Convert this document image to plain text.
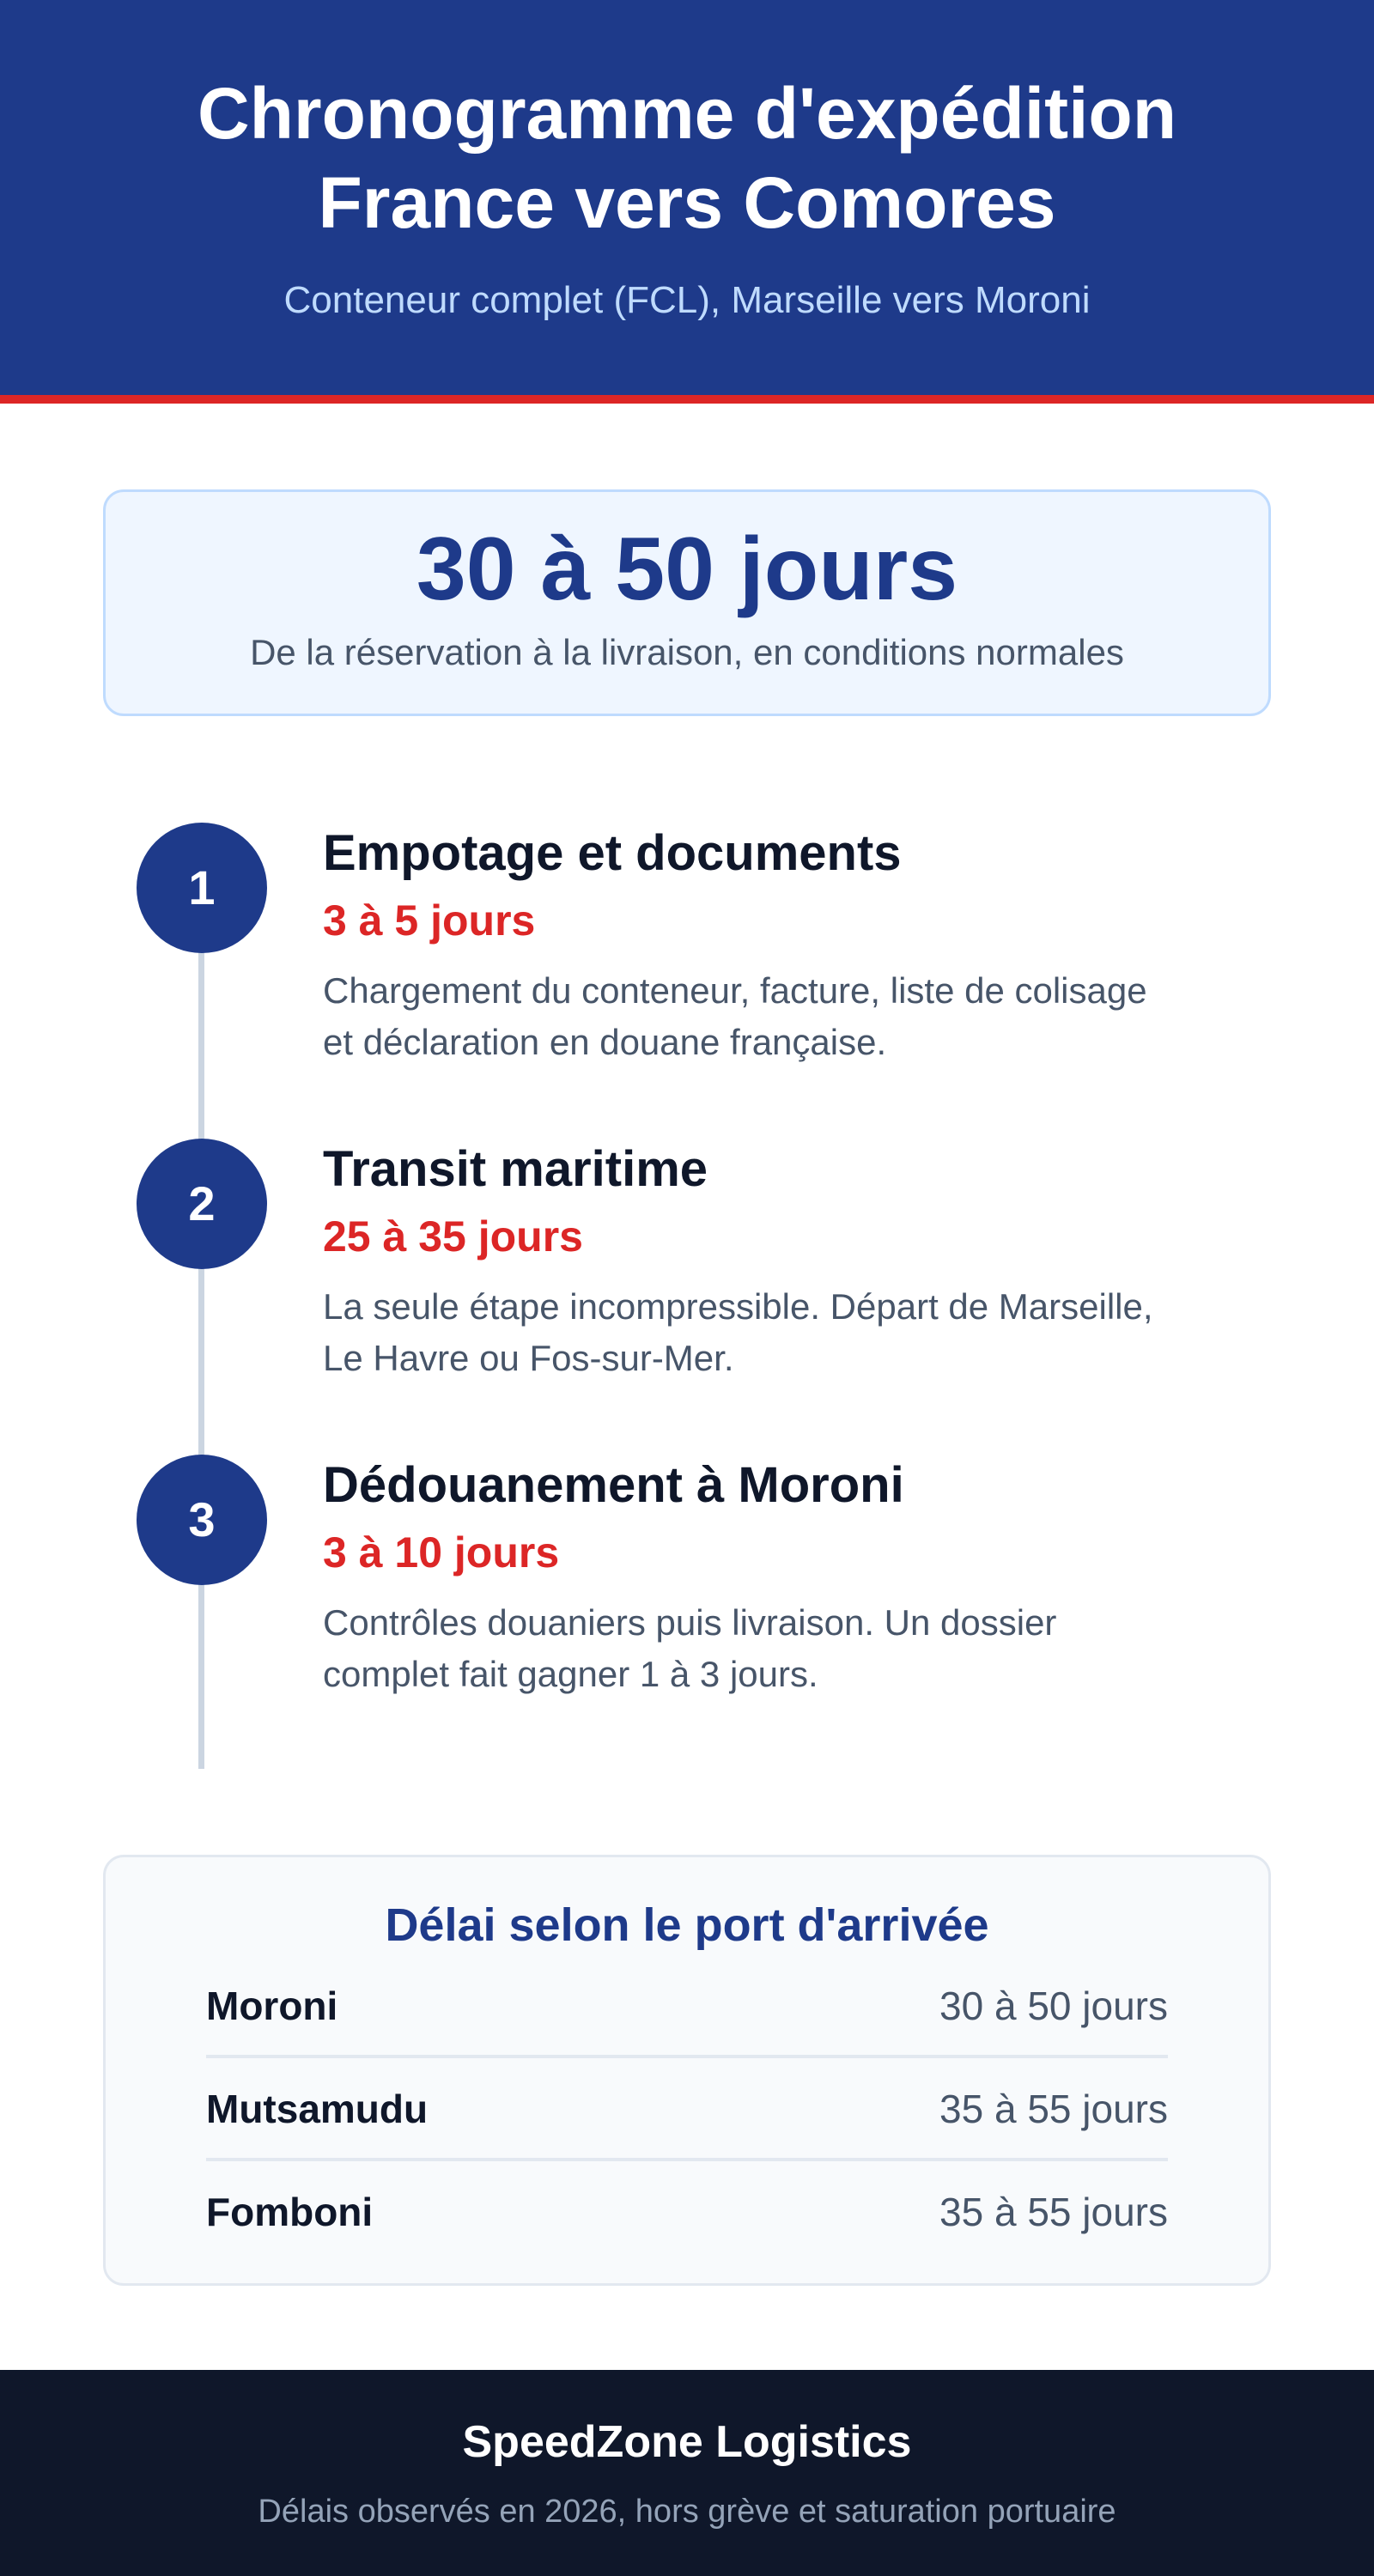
Chronogramme d'expédition
France vers Comores

Conteneur complet (FCL), Marseille vers Moroni

30 à 50 jours
De la réservation à la livraison, en conditions normales
1
Empotage et documents
3 à 5 jours

Chargement du conteneur, facture, liste de colisage et déclaration en douane française.

2
Transit maritime
25 à 35 jours

La seule étape incompressible. Départ de Marseille, Le Havre ou Fos-sur-Mer.

3
Dédouanement à Moroni
3 à 10 jours

Contrôles douaniers puis livraison. Un dossier complet fait gagner 1 à 3 jours.

Délai selon le port d'arrivée
Moroni	30 à 50 jours
Mutsamudu	35 à 55 jours
Fomboni	35 à 55 jours
SpeedZone Logistics
Délais observés en 2026, hors grève et saturation portuaire
